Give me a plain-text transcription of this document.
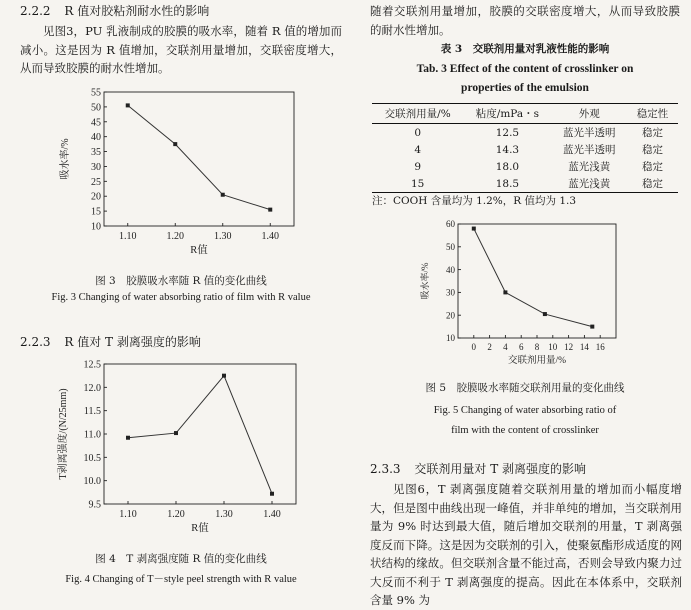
2.2.2 R 值对胶粘剂耐水性的影响
见图3，PU 乳液制成的胶膜的吸水率，随着 R 值的增加而减小。这是因为 R 值增加，交联剂用量增加，交联密度增大，从而导致胶膜的耐水性增加。
1.10	1.20	1.30	1.40
10
15
20
25
30
35
40
45
50
55
R值
吸水率/%
图 3　胶膜吸水率随 R 值的变化曲线
Fig. 3 Changing of water absorbing ratio of film with R value
2.2.3 R 值对 T 剥离强度的影响
1.10	1.20	1.30	1.40
9.5
10.0
10.5
11.0
11.5
12.0
12.5
R值
T剥离强度/(N/25mm)
图 4　T 剥离强度随 R 值的变化曲线
Fig. 4 Changing of T－style peel strength with R value
随着交联剂用量增加，胶膜的交联密度增大，从而导致胶膜的耐水性增加。
表 3　交联剂用量对乳液性能的影响
Tab. 3 Effect of the content of crosslinker on
properties of the emulsion
交联剂用量/%	粘度/mPa・s	外观	稳定性
0	12.5	蓝光半透明	稳定
4	14.3	蓝光半透明	稳定
9	18.0	蓝光浅黄	稳定
15	18.5	蓝光浅黄	稳定
注：COOH 含量均为 1.2%，R 值均为 1.3
0 2 4 6 8 10 12 14 16
10
20
30
40
50
60
交联剂用量/%
吸水率/%
图 5　胶膜吸水率随交联剂用量的变化曲线
Fig. 5 Changing of water absorbing ratio of
film with the content of crosslinker
2.3.3 交联剂用量对 T 剥离强度的影响
见图6，T 剥离强度随着交联剂用量的增加而小幅度增大，但是图中曲线出现一峰值，并非单纯的增加，当交联剂用量为 9% 时达到最大值，随后增加交联剂的用量，T 剥离强度反而下降。这是因为交联剂的引入，使聚氨酯形成适度的网状结构的缘故。但交联剂含量不能过高，否则会导致内聚力过大反而不利于 T 剥离强度的提高。因此在本体系中，交联剂含量 9% 为
